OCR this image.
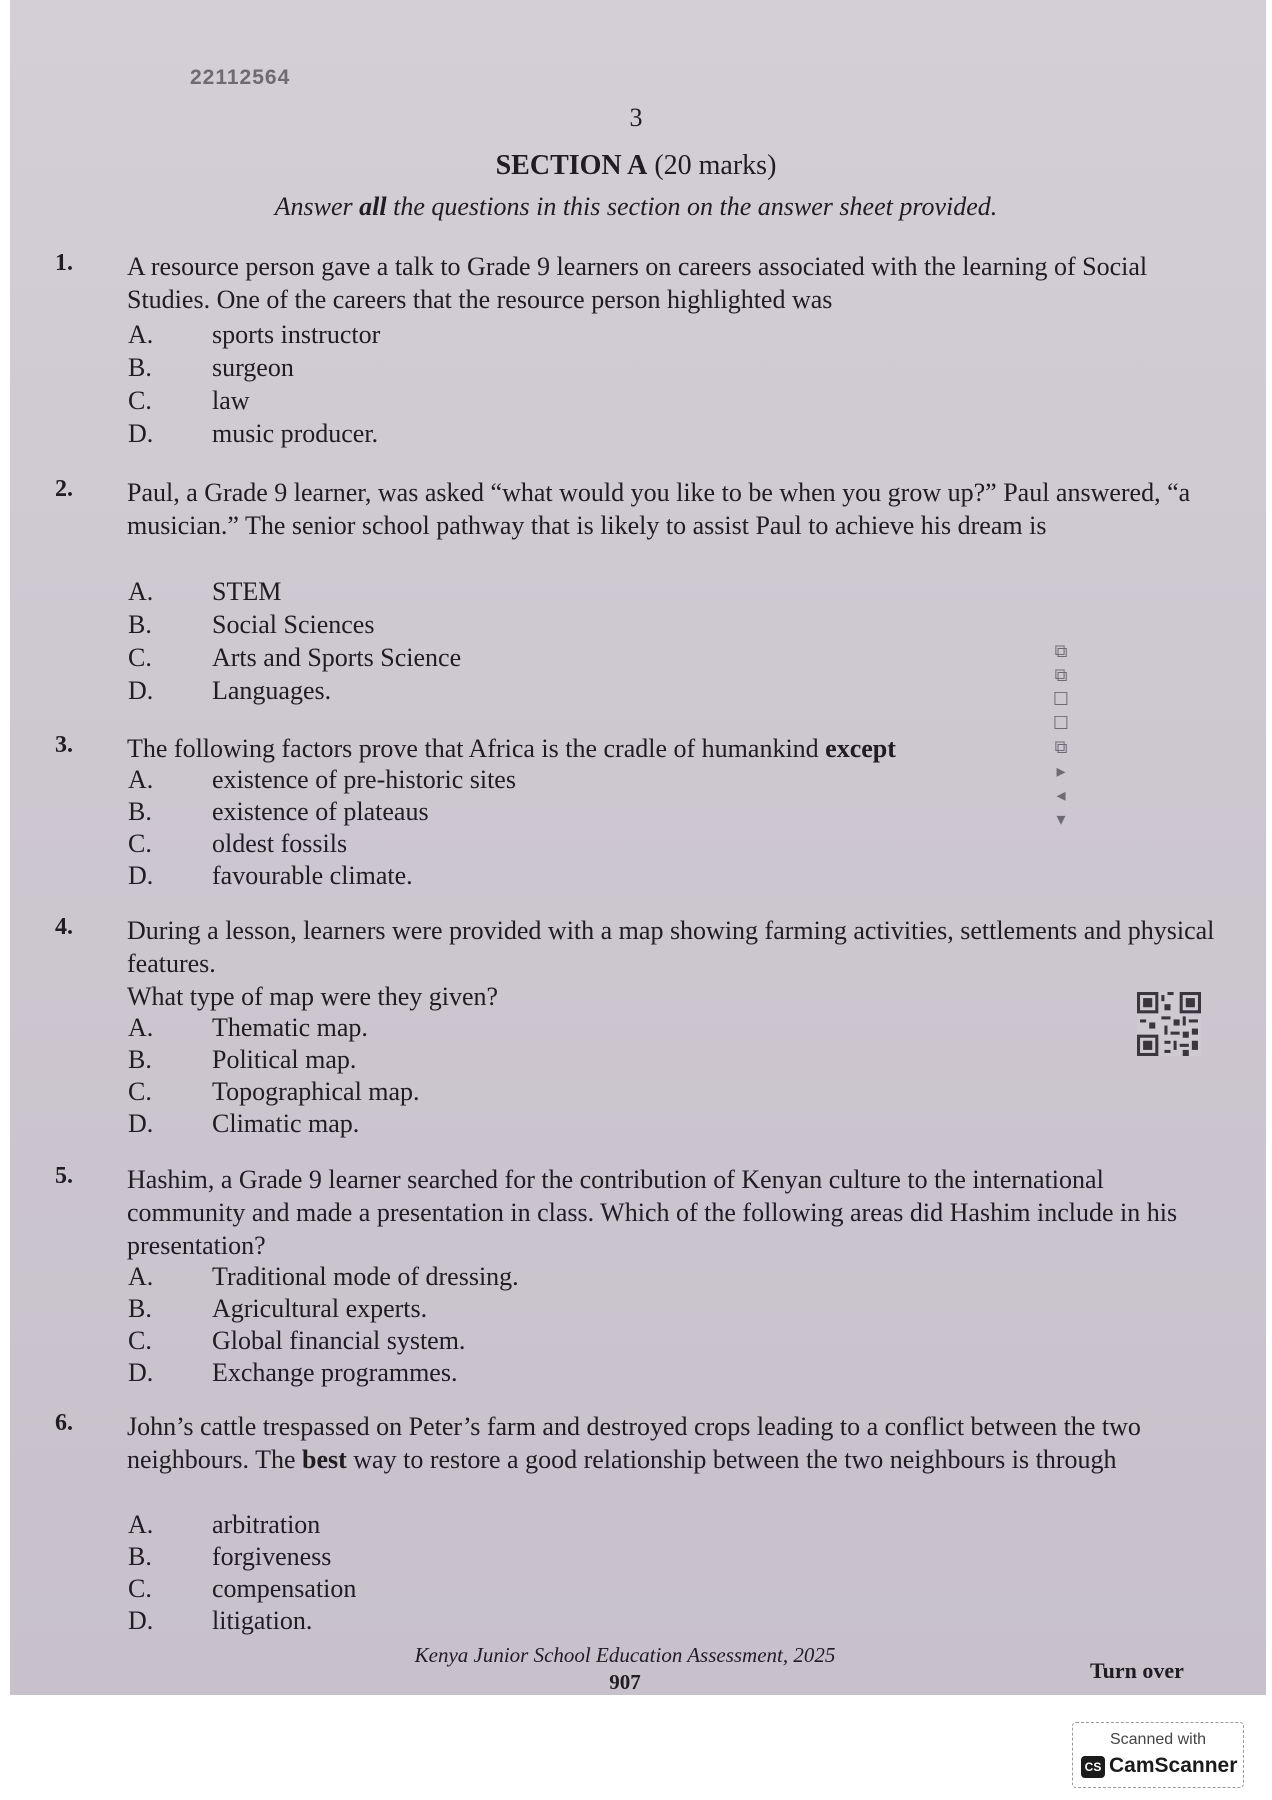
22112564
3
SECTION A (20 marks)
Answer all the questions in this section on the answer sheet provided.
1. A resource person gave a talk to Grade 9 learners on careers associated with the learning of Social Studies. One of the careers that the resource person highlighted was
A. sports instructor
B. surgeon
C. law
D. music producer.
2. Paul, a Grade 9 learner, was asked “what would you like to be when you grow up?” Paul answered, “a musician.” The senior school pathway that is likely to assist Paul to achieve his dream is
A. STEM
B. Social Sciences
C. Arts and Sports Science
D. Languages.
3. The following factors prove that Africa is the cradle of humankind except
A. existence of pre-historic sites
B. existence of plateaus
C. oldest fossils
D. favourable climate.
4. During a lesson, learners were provided with a map showing farming activities, settlements and physical features.
What type of map were they given?
A. Thematic map.
B. Political map.
C. Topographical map.
D. Climatic map.
5. Hashim, a Grade 9 learner searched for the contribution of Kenyan culture to the international community and made a presentation in class. Which of the following areas did Hashim include in his presentation?
A. Traditional mode of dressing.
B. Agricultural experts.
C. Global financial system.
D. Exchange programmes.
6. John’s cattle trespassed on Peter’s farm and destroyed crops leading to a conflict between the two neighbours. The best way to restore a good relationship between the two neighbours is through
A. arbitration
B. forgiveness
C. compensation
D. litigation.
⧉
⧉
☐
☐
⧉
▸
◂
▾
Kenya Junior School Education Assessment, 2025
907	Turn over
Scanned with
CS CamScanner
